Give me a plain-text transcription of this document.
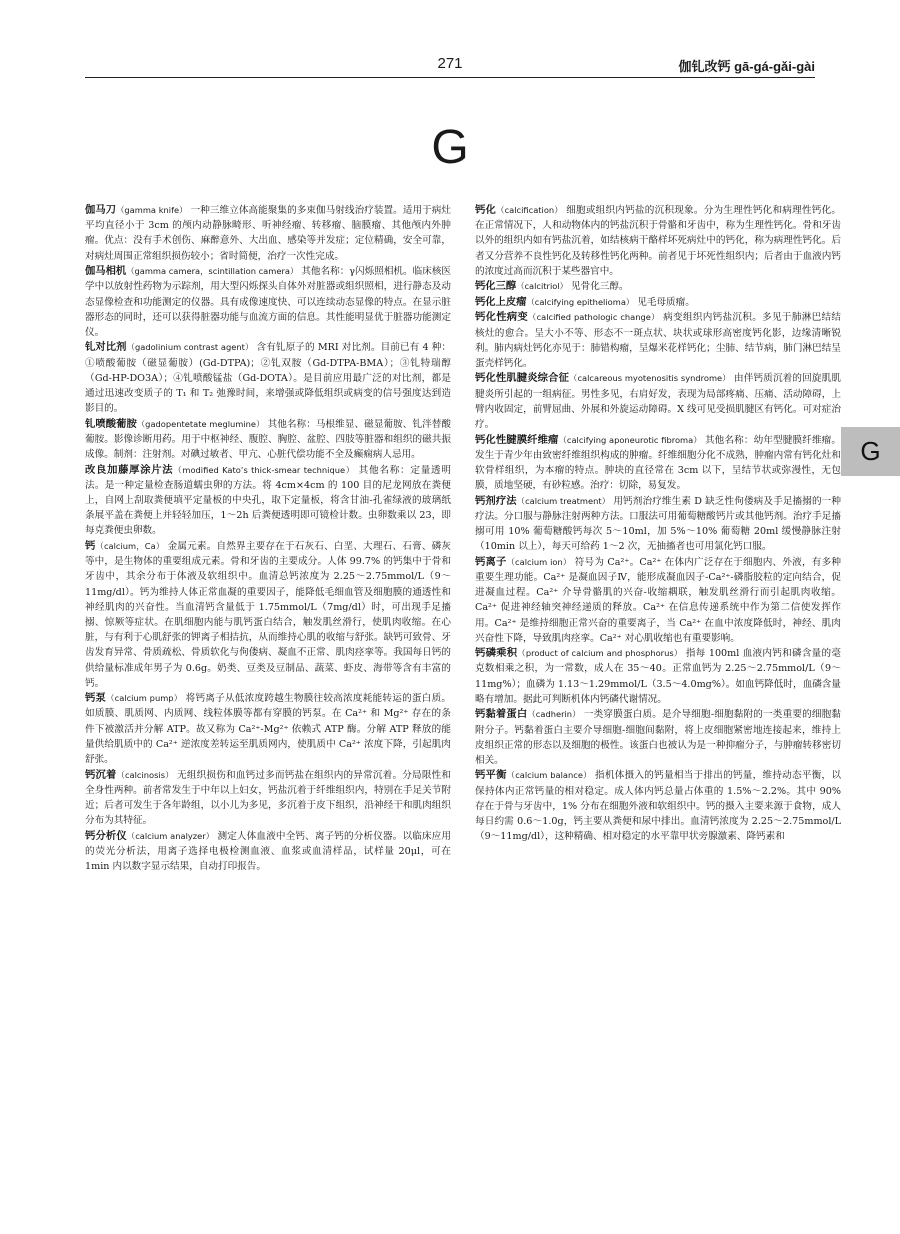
271	伽钆改钙 gā-gá-gǎi-gài
G
G
伽马刀（gamma knife） 一种三维立体高能聚集的多束伽马射线治疗装置。适用于病灶平均直径小于 3cm 的颅内动静脉畸形、听神经瘤、转移瘤、脑膜瘤、其他颅内外肿瘤。优点：没有手术创伤、麻醉意外、大出血、感染等并发症；定位精确，安全可靠，对病灶周围正常组织损伤较小；省时简便，治疗一次性完成。
伽马相机（gamma camera，scintillation camera） 其他名称：γ闪烁照相机。临床核医学中以放射性药物为示踪剂，用大型闪烁探头自体外对脏器或组织照相，进行静态及动态显像检查和功能测定的仪器。具有成像速度快、可以连续动态显像的特点。在显示脏器形态的同时，还可以获得脏器功能与血流方面的信息。其性能明显优于脏器功能测定仪。
钆对比剂（gadolinium contrast agent） 含有钆原子的 MRI 对比剂。目前已有 4 种：①喷酸葡胺（磁显葡胺）(Gd-DTPA)；②钆双胺（Gd-DTPA-BMA）；③钆特瑞醇（Gd-HP-DO3A）；④钆喷酸锰盐（Gd-DOTA）。是目前应用最广泛的对比剂，都是通过迅速改变质子的 T₁ 和 T₂ 弛豫时间，来增强或降低组织或病变的信号强度达到造影目的。
钆喷酸葡胺（gadopentetate meglumine） 其他名称：马根维显、磁显葡胺、钆泮替酸葡胺。影像诊断用药。用于中枢神经、腹腔、胸腔、盆腔、四肢等脏器和组织的磁共振成像。制剂：注射剂。对碘过敏者、甲亢、心脏代偿功能不全及癫痫病人忌用。
改良加藤厚涂片法（modified Kato’s thick-smear technique） 其他名称：定量透明法。是一种定量检查肠道蠕虫卵的方法。将 4cm×4cm 的 100 目的尼龙网放在粪便上，自网上刮取粪便填平定量板的中央孔，取下定量板，将含甘油-孔雀绿液的玻璃纸条展平盖在粪便上并轻轻加压，1～2h 后粪便透明即可镜检计数。虫卵数乘以 23，即每克粪便虫卵数。
钙（calcium，Ca） 金属元素。自然界主要存在于石灰石、白垩、大理石、石膏、磷灰等中，是生物体的重要组成元素。骨和牙齿的主要成分。人体 99.7% 的钙集中于骨和牙齿中，其余分布于体液及软组织中。血清总钙浓度为 2.25～2.75mmol/L（9～11mg/dl）。钙为维持人体正常血凝的重要因子，能降低毛细血管及细胞膜的通透性和神经肌肉的兴奋性。当血清钙含量低于 1.75mmol/L（7mg/dl）时，可出现手足搐搦、惊厥等症状。在肌细胞内能与肌钙蛋白结合，触发肌丝滑行，使肌肉收缩。在心脏，与有利于心肌舒张的钾离子相拮抗，从而维持心肌的收缩与舒张。缺钙可致骨、牙齿发育异常、骨质疏松、骨质软化与佝偻病、凝血不正常、肌肉痉挛等。我国每日钙的供给量标准成年男子为 0.6g。奶类、豆类及豆制品、蔬菜、虾皮、海带等含有丰富的钙。
钙泵（calcium pump） 将钙离子从低浓度跨越生物膜往较高浓度耗能转运的蛋白质。如质膜、肌质网、内质网、线粒体膜等都有穿膜的钙泵。在 Ca²⁺ 和 Mg²⁺ 存在的条件下被激活并分解 ATP。故又称为 Ca²⁺-Mg²⁺ 依赖式 ATP 酶。分解 ATP 释放的能量供给肌质中的 Ca²⁺ 逆浓度差转运至肌质网内，使肌质中 Ca²⁺ 浓度下降，引起肌肉舒张。
钙沉着（calcinosis） 无组织损伤和血钙过多而钙盐在组织内的异常沉着。分局限性和全身性两种。前者常发生于中年以上妇女，钙盐沉着于纤维组织内，特别在手足关节附近；后者可发生于各年龄组，以小儿为多见，多沉着于皮下组织，沿神经干和肌肉组织分布为其特征。
钙分析仪（calcium analyzer） 测定人体血液中全钙、离子钙的分析仪器。以临床应用的荧光分析法，用离子选择电极检测血液、血浆或血清样品，试样量 20μl，可在 1min 内以数字显示结果，自动打印报告。
钙化（calcification） 细胞或组织内钙盐的沉积现象。分为生理性钙化和病理性钙化。在正常情况下，人和动物体内的钙盐沉积于骨骼和牙齿中，称为生理性钙化。骨和牙齿以外的组织内如有钙盐沉着，如结核病干酪样坏死病灶中的钙化，称为病理性钙化。后者又分营养不良性钙化及转移性钙化两种。前者见于坏死性组织内；后者由于血液内钙的浓度过高而沉积于某些器官中。
钙化三醇（calcitriol） 见骨化三醇。
钙化上皮瘤（calcifying epithelioma） 见毛母质瘤。
钙化性病变（calcified pathologic change） 病变组织内钙盐沉积。多见于肺淋巴结结核灶的愈合。呈大小不等、形态不一斑点状、块状或球形高密度钙化影，边缘清晰锐利。肺内病灶钙化亦见于：肺错构瘤，呈爆米花样钙化；尘肺、结节病，肺门淋巴结呈蛋壳样钙化。
钙化性肌腱炎综合征（calcareous myotenositis syndrome） 由伴钙质沉着的回旋肌肌腱炎所引起的一组病征。男性多见，右肩好发，表现为局部疼痛、压痛、活动障碍，上臂内收固定，前臂屈曲、外展和外旋运动障碍。X 线可见受损肌腱区有钙化。可对症治疗。
钙化性腱膜纤维瘤（calcifying aponeurotic fibroma） 其他名称：幼年型腱膜纤维瘤。发生于青少年由致密纤维组织构成的肿瘤。纤维细胞分化不成熟，肿瘤内常有钙化灶和软骨样组织，为本瘤的特点。肿块的直径常在 3cm 以下，呈结节状或弥漫性，无包膜，质地坚硬，有砂粒感。治疗：切除，易复发。
钙剂疗法（calcium treatment） 用钙剂治疗维生素 D 缺乏性佝偻病及手足搐搦的一种疗法。分口服与静脉注射两种方法。口服法可用葡萄糖酸钙片或其他钙剂。治疗手足搐搦可用 10% 葡萄糖酸钙每次 5～10ml，加 5%～10% 葡萄糖 20ml 缓慢静脉注射（10min 以上），每天可给药 1～2 次，无抽搐者也可用氯化钙口服。
钙离子（calcium ion） 符号为 Ca²⁺。Ca²⁺ 在体内广泛存在于细胞内、外液，有多种重要生理功能。Ca²⁺ 是凝血因子Ⅳ，能形成凝血因子-Ca²⁺-磷脂胶粒的定向结合，促进凝血过程。Ca²⁺ 介导骨骼肌的兴奋-收缩耦联，触发肌丝滑行而引起肌肉收缩。Ca²⁺ 促进神经轴突神经递质的释放。Ca²⁺ 在信息传递系统中作为第二信使发挥作用。Ca²⁺ 是维持细胞正常兴奋的重要离子，当 Ca²⁺ 在血中浓度降低时，神经、肌肉兴奋性下降，导致肌肉痉挛。Ca²⁺ 对心肌收缩也有重要影响。
钙磷乘积（product of calcium and phosphorus） 指每 100ml 血液内钙和磷含量的毫克数相乘之积，为一常数，成人在 35～40。正常血钙为 2.25～2.75mmol/L（9～11mg%）；血磷为 1.13～1.29mmol/L（3.5～4.0mg%）。如血钙降低时，血磷含量略有增加。据此可判断机体内钙磷代谢情况。
钙黏着蛋白（cadherin） 一类穿膜蛋白质。是介导细胞-细胞黏附的一类重要的细胞黏附分子。钙黏着蛋白主要介导细胞-细胞间黏附，将上皮细胞紧密地连接起来，维持上皮组织正常的形态以及细胞的极性。该蛋白也被认为是一种抑瘤分子，与肿瘤转移密切相关。
钙平衡（calcium balance） 指机体摄入的钙量相当于排出的钙量，维持动态平衡，以保持体内正常钙量的相对稳定。成人体内钙总量占体重的 1.5%～2.2%。其中 90% 存在于骨与牙齿中，1% 分布在细胞外液和软组织中。钙的摄入主要来源于食物，成人每日约需 0.6～1.0g，钙主要从粪便和尿中排出。血清钙浓度为 2.25～2.75mmol/L（9～11mg/dl），这种精确、相对稳定的水平靠甲状旁腺激素、降钙素和
